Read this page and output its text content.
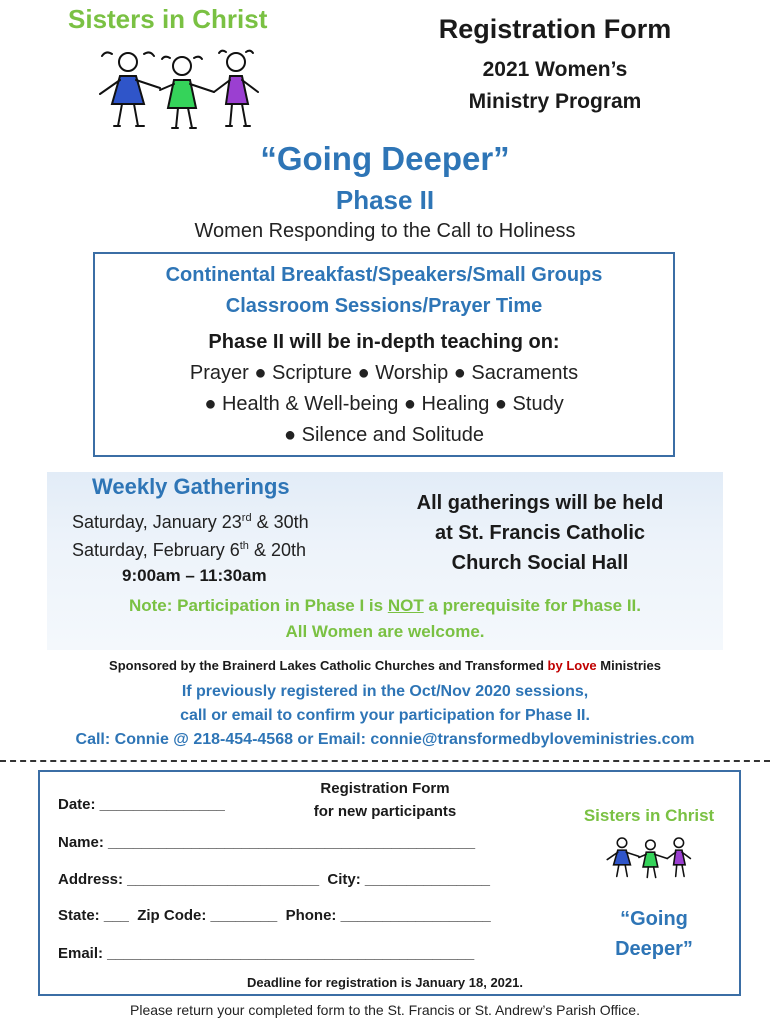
Sisters in Christ	Registration Form
2021 Women’s
Ministry Program
“Going Deeper”
Phase II
Women Responding to the Call to Holiness
Continental Breakfast/Speakers/Small Groups
Classroom Sessions/Prayer Time
Phase II will be in-depth teaching on:
Prayer ● Scripture ● Worship ● Sacraments
● Health & Well-being ● Healing ● Study
● Silence and Solitude
Weekly Gatherings
Saturday, January 23rd & 30th
Saturday, February 6th & 20th
9:00am – 11:30am
All gatherings will be held
at St. Francis Catholic
Church Social Hall
Note: Participation in Phase I is NOT a prerequisite for Phase II.
All Women are welcome.
Sponsored by the Brainerd Lakes Catholic Churches and Transformed by Love Ministries
If previously registered in the Oct/Nov 2020 sessions,
call or email to confirm your participation for Phase II.
Call: Connie @ 218-454-4568 or Email: connie@transformedbyloveministries.com
Registration Form
for new participants
Date: _______________
Name: ____________________________________________
Address: _______________________  City: _______________
State: ___  Zip Code: ________  Phone: __________________
Email: ____________________________________________
Deadline for registration is January 18, 2021.
Sisters in Christ
“Going
Deeper”
Please return your completed form to the St. Francis or St. Andrew’s Parish Office.
